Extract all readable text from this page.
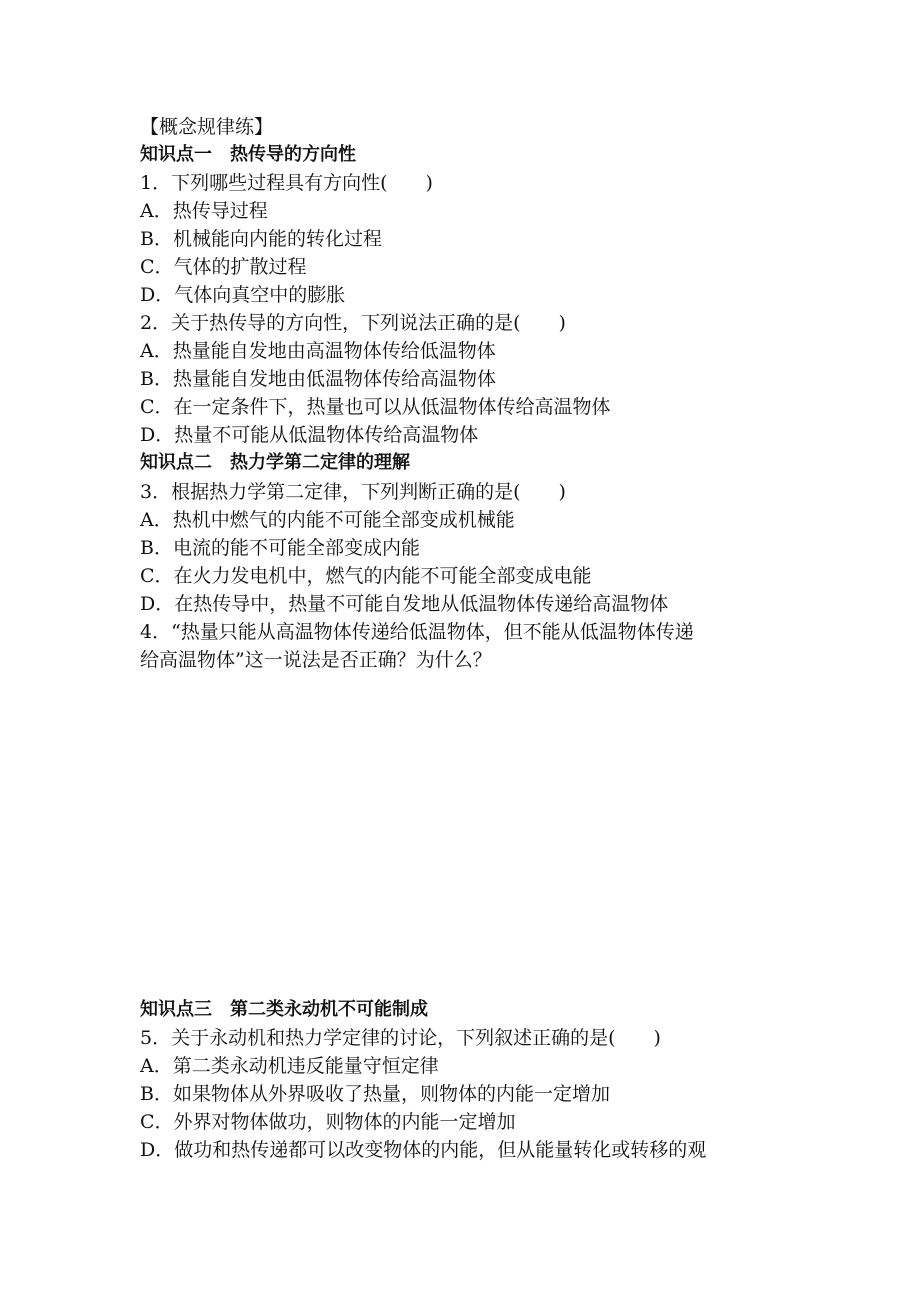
【概念规律练】
知识点一　热传导的方向性
1．下列哪些过程具有方向性(　　)
A．热传导过程
B．机械能向内能的转化过程
C．气体的扩散过程
D．气体向真空中的膨胀
2．关于热传导的方向性，下列说法正确的是(　　)
A．热量能自发地由高温物体传给低温物体
B．热量能自发地由低温物体传给高温物体
C．在一定条件下，热量也可以从低温物体传给高温物体
D．热量不可能从低温物体传给高温物体
知识点二　热力学第二定律的理解
3．根据热力学第二定律，下列判断正确的是(　　)
A．热机中燃气的内能不可能全部变成机械能
B．电流的能不可能全部变成内能
C．在火力发电机中，燃气的内能不可能全部变成电能
D．在热传导中，热量不可能自发地从低温物体传递给高温物体
4．“热量只能从高温物体传递给低温物体，但不能从低温物体传递
给高温物体”这一说法是否正确？为什么？
知识点三　第二类永动机不可能制成
5．关于永动机和热力学定律的讨论，下列叙述正确的是(　　)
A．第二类永动机违反能量守恒定律
B．如果物体从外界吸收了热量，则物体的内能一定增加
C．外界对物体做功，则物体的内能一定增加
D．做功和热传递都可以改变物体的内能，但从能量转化或转移的观
